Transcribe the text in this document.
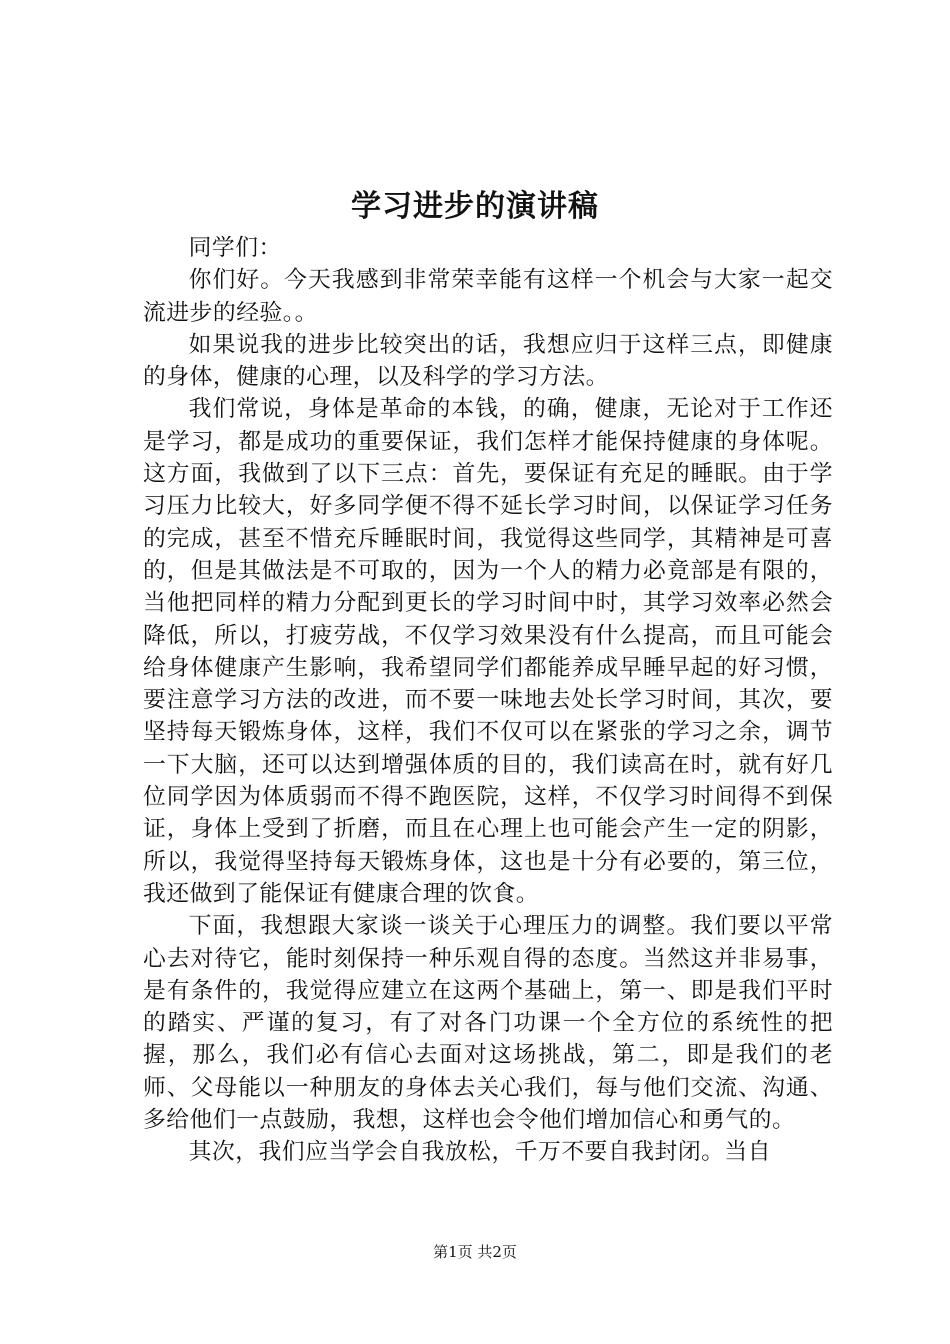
学习进步的演讲稿

同学们：

你们好。今天我感到非常荣幸能有这样一个机会与大家一起交流进步的经验。。

如果说我的进步比较突出的话，我想应归于这样三点，即健康的身体，健康的心理，以及科学的学习方法。

我们常说，身体是革命的本钱，的确，健康，无论对于工作还是学习，都是成功的重要保证，我们怎样才能保持健康的身体呢。这方面，我做到了以下三点：首先，要保证有充足的睡眠。由于学习压力比较大，好多同学便不得不延长学习时间，以保证学习任务的完成，甚至不惜充斥睡眠时间，我觉得这些同学，其精神是可喜的，但是其做法是不可取的，因为一个人的精力必竟部是有限的，当他把同样的精力分配到更长的学习时间中时，其学习效率必然会降低，所以，打疲劳战，不仅学习效果没有什么提高，而且可能会给身体健康产生影响，我希望同学们都能养成早睡早起的好习惯，要注意学习方法的改进，而不要一味地去处长学习时间，其次，要坚持每天锻炼身体，这样，我们不仅可以在紧张的学习之余，调节一下大脑，还可以达到增强体质的目的，我们读高在时，就有好几位同学因为体质弱而不得不跑医院，这样，不仅学习时间得不到保证，身体上受到了折磨，而且在心理上也可能会产生一定的阴影，所以，我觉得坚持每天锻炼身体，这也是十分有必要的，第三位，我还做到了能保证有健康合理的饮食。

下面，我想跟大家谈一谈关于心理压力的调整。我们要以平常心去对待它，能时刻保持一种乐观自得的态度。当然这并非易事，是有条件的，我觉得应建立在这两个基础上，第一、即是我们平时的踏实、严谨的复习，有了对各门功课一个全方位的系统性的把握，那么，我们必有信心去面对这场挑战，第二，即是我们的老师、父母能以一种朋友的身体去关心我们，每与他们交流、沟通、多给他们一点鼓励，我想，这样也会令他们增加信心和勇气的。

其次，我们应当学会自我放松，千万不要自我封闭。当自

第1页 共2页
